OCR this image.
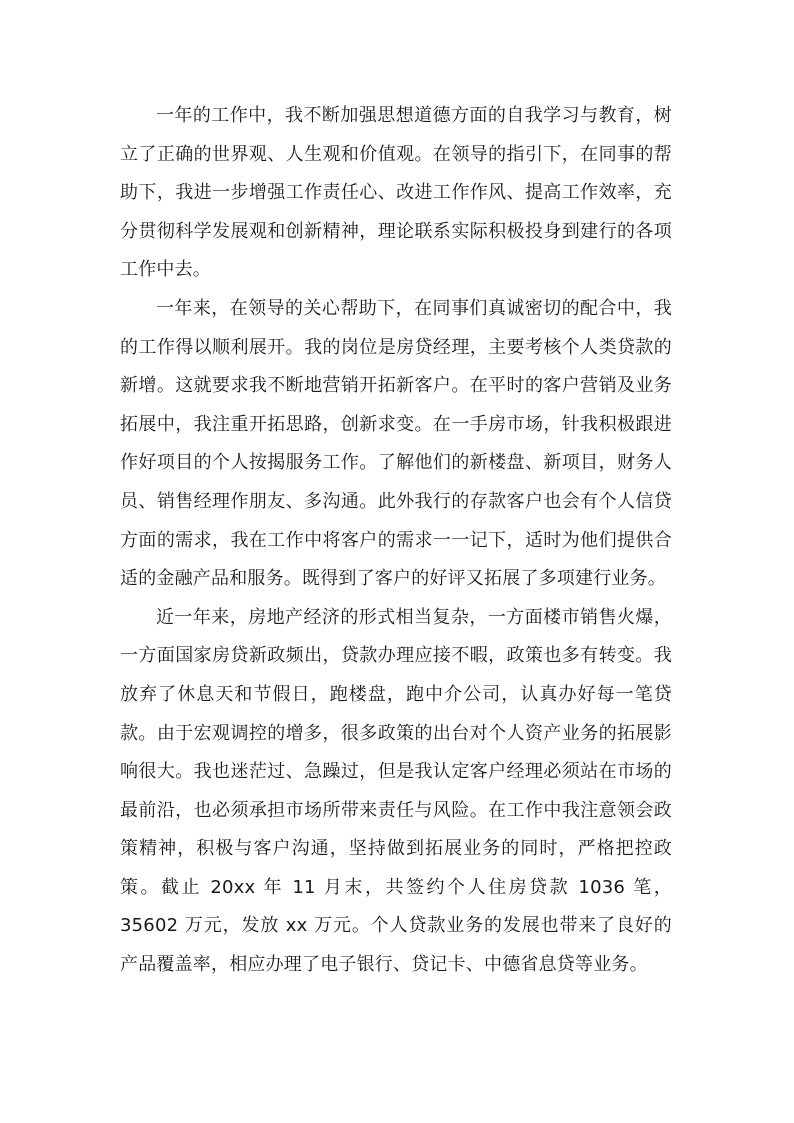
一年的工作中，我不断加强思想道德方面的自我学习与教育，树立了正确的世界观、人生观和价值观。在领导的指引下，在同事的帮助下，我进一步增强工作责任心、改进工作作风、提高工作效率，充分贯彻科学发展观和创新精神，理论联系实际积极投身到建行的各项工作中去。

一年来，在领导的关心帮助下，在同事们真诚密切的配合中，我的工作得以顺利展开。我的岗位是房贷经理，主要考核个人类贷款的新增。这就要求我不断地营销开拓新客户。在平时的客户营销及业务拓展中，我注重开拓思路，创新求变。在一手房市场，针我积极跟进作好项目的个人按揭服务工作。了解他们的新楼盘、新项目，财务人员、销售经理作朋友、多沟通。此外我行的存款客户也会有个人信贷方面的需求，我在工作中将客户的需求一一记下，适时为他们提供合适的金融产品和服务。既得到了客户的好评又拓展了多项建行业务。

近一年来，房地产经济的形式相当复杂，一方面楼市销售火爆，一方面国家房贷新政频出，贷款办理应接不暇，政策也多有转变。我放弃了休息天和节假日，跑楼盘，跑中介公司，认真办好每一笔贷款。由于宏观调控的增多，很多政策的出台对个人资产业务的拓展影响很大。我也迷茫过、急躁过，但是我认定客户经理必须站在市场的最前沿，也必须承担市场所带来责任与风险。在工作中我注意领会政策精神，积极与客户沟通，坚持做到拓展业务的同时，严格把控政策。截止 20xx 年 11 月末，共签约个人住房贷款 1036 笔，35602 万元，发放 xx 万元。个人贷款业务的发展也带来了良好的产品覆盖率，相应办理了电子银行、贷记卡、中德省息贷等业务。
